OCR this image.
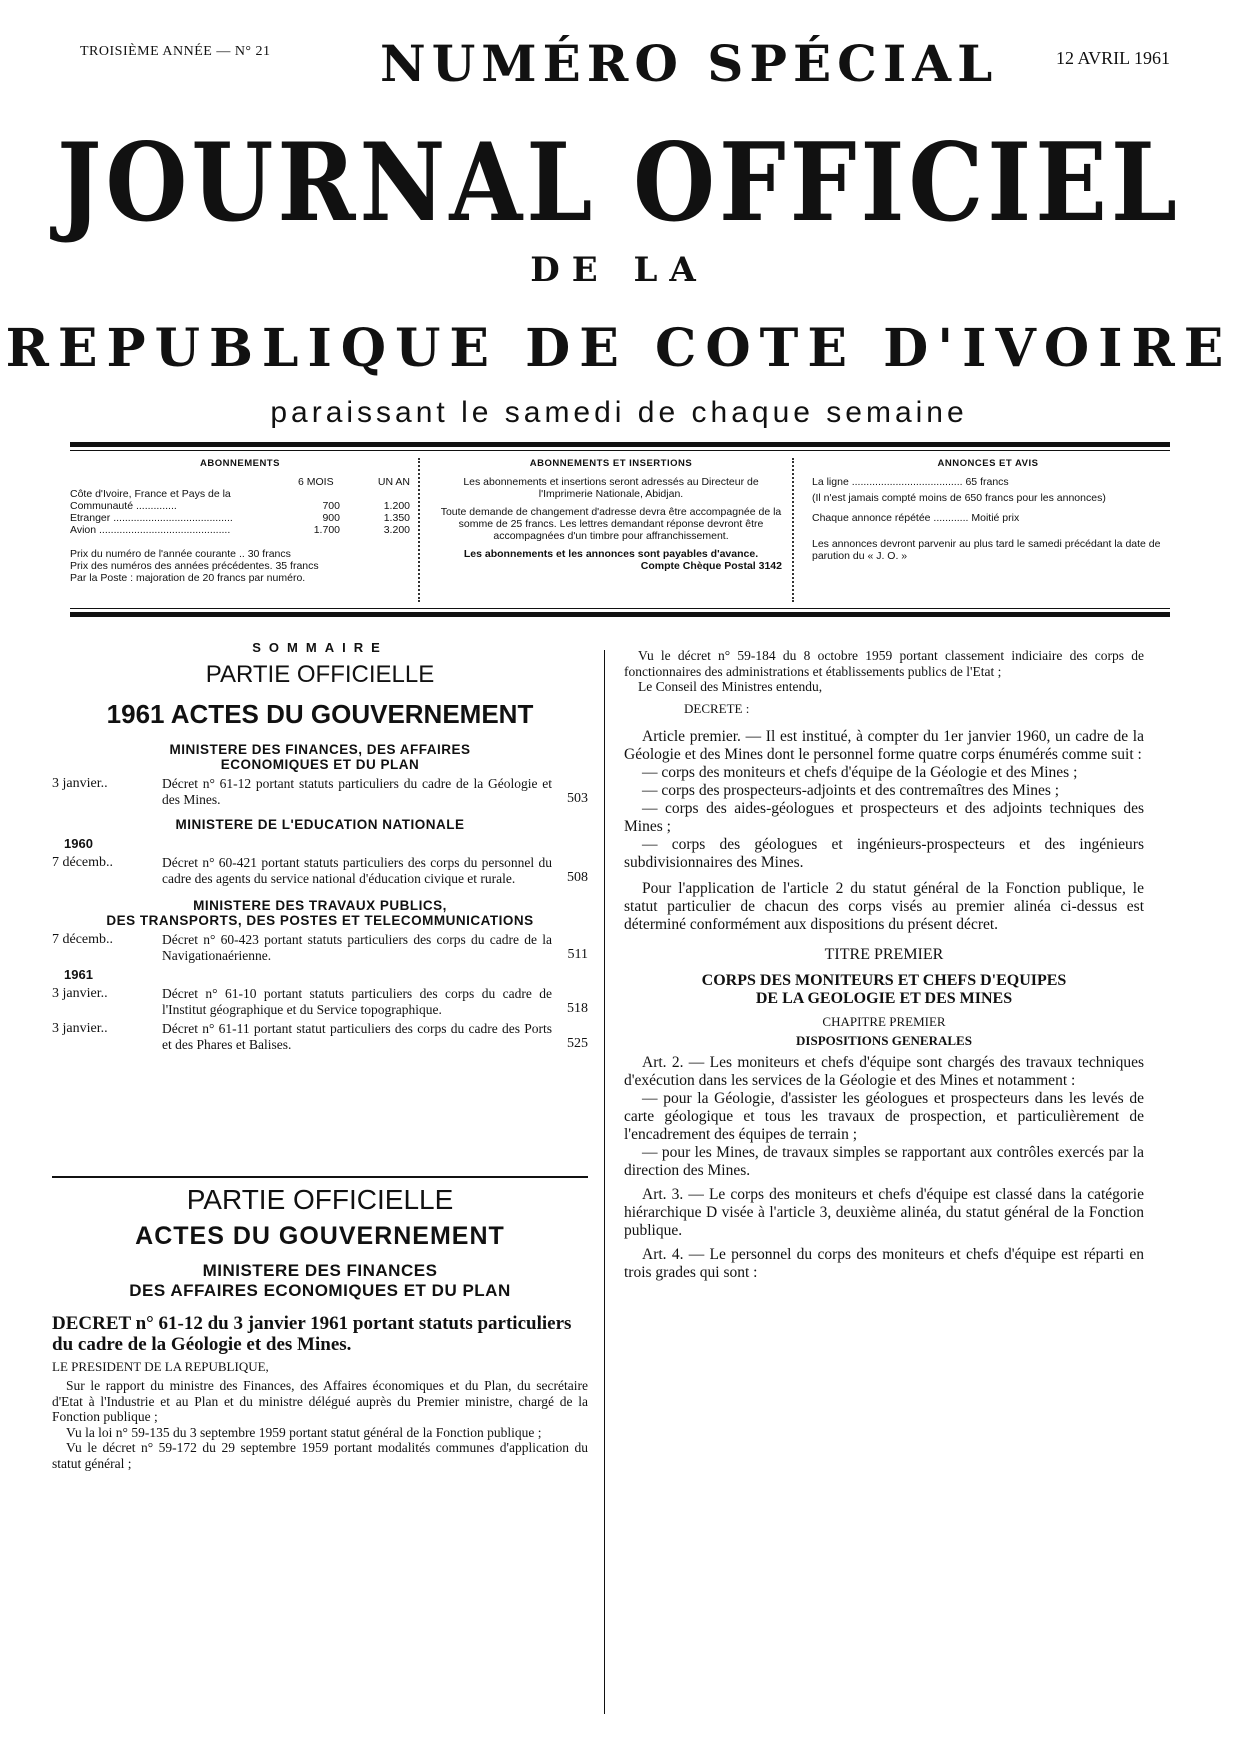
TROISIÈME ANNÉE — N° 21 NUMÉRO SPÉCIAL	12 AVRIL 1961
JOURNAL OFFICIEL
DE LA
REPUBLIQUE DE COTE D'IVOIRE
paraissant le samedi de chaque semaine
ABONNEMENTS
6 MOIS	UN AN
Côte d'Ivoire, France et Pays de la Communauté ..............	700	1.200
Etranger .........................................	900	1.350
Avion .............................................	1.700	3.200
Prix du numéro de l'année courante .. 30 francs
Prix des numéros des années précédentes. 35 francs
Par la Poste : majoration de 20 francs par numéro.
ABONNEMENTS ET INSERTIONS
Les abonnements et insertions seront adressés au Directeur de l'Imprimerie Nationale, Abidjan.
Toute demande de changement d'adresse devra être accompagnée de la somme de 25 francs. Les lettres demandant réponse devront être accompagnées d'un timbre pour affranchissement.
Les abonnements et les annonces sont payables d'avance.
Compte Chèque Postal 3142
ANNONCES ET AVIS
La ligne ...................................... 65 francs
(Il n'est jamais compté moins de 650 francs pour les annonces)
Chaque annonce répétée ............ Moitié prix
Les annonces devront parvenir au plus tard le samedi précédant la date de parution du « J. O. »
SOMMAIRE
PARTIE OFFICIELLE
1961 ACTES DU GOUVERNEMENT
MINISTERE DES FINANCES, DES AFFAIRES ECONOMIQUES ET DU PLAN
3 janvier..	Décret n° 61-12 portant statuts particuliers du cadre de la Géologie et des Mines.	503
MINISTERE DE L'EDUCATION NATIONALE
1960
7 décemb..	Décret n° 60-421 portant statuts particuliers des corps du personnel du cadre des agents du service national d'éducation civique et rurale.	508
MINISTERE DES TRAVAUX PUBLICS,
DES TRANSPORTS, DES POSTES ET TELECOMMUNICATIONS
7 décemb..	Décret n° 60-423 portant statuts particuliers des corps du cadre de la Navigationaérienne.	511
1961
3 janvier..	Décret n° 61-10 portant statuts particuliers des corps du cadre de l'Institut géographique et du Service topographique.	518
3 janvier..	Décret n° 61-11 portant statut particuliers des corps du cadre des Ports et des Phares et Balises.	525
PARTIE OFFICIELLE
ACTES DU GOUVERNEMENT
MINISTERE DES FINANCES
DES AFFAIRES ECONOMIQUES ET DU PLAN
DECRET n° 61-12 du 3 janvier 1961 portant statuts particuliers du cadre de la Géologie et des Mines.
LE PRESIDENT DE LA REPUBLIQUE,
Sur le rapport du ministre des Finances, des Affaires économiques et du Plan, du secrétaire d'Etat à l'Industrie et au Plan et du ministre délégué auprès du Premier ministre, chargé de la Fonction publique ;
Vu la loi n° 59-135 du 3 septembre 1959 portant statut général de la Fonction publique ;
Vu le décret n° 59-172 du 29 septembre 1959 portant modalités communes d'application du statut général ;
Vu le décret n° 59-184 du 8 octobre 1959 portant classement indiciaire des corps de fonctionnaires des administrations et établissements publics de l'Etat ;
Le Conseil des Ministres entendu,
DECRETE :
Article premier. — Il est institué, à compter du 1er janvier 1960, un cadre de la Géologie et des Mines dont le personnel forme quatre corps énumérés comme suit :
— corps des moniteurs et chefs d'équipe de la Géologie et des Mines ;
— corps des prospecteurs-adjoints et des contremaîtres des Mines ;
— corps des aides-géologues et prospecteurs et des adjoints techniques des Mines ;
— corps des géologues et ingénieurs-prospecteurs et des ingénieurs subdivisionnaires des Mines.
Pour l'application de l'article 2 du statut général de la Fonction publique, le statut particulier de chacun des corps visés au premier alinéa ci-dessus est déterminé conformément aux dispositions du présent décret.
TITRE PREMIER
CORPS DES MONITEURS ET CHEFS D'EQUIPES
DE LA GEOLOGIE ET DES MINES
CHAPITRE PREMIER
DISPOSITIONS GENERALES
Art. 2. — Les moniteurs et chefs d'équipe sont chargés des travaux techniques d'exécution dans les services de la Géologie et des Mines et notamment :
— pour la Géologie, d'assister les géologues et prospecteurs dans les levés de carte géologique et tous les travaux de prospection, et particulièrement de l'encadrement des équipes de terrain ;
— pour les Mines, de travaux simples se rapportant aux contrôles exercés par la direction des Mines.
Art. 3. — Le corps des moniteurs et chefs d'équipe est classé dans la catégorie hiérarchique D visée à l'article 3, deuxième alinéa, du statut général de la Fonction publique.
Art. 4. — Le personnel du corps des moniteurs et chefs d'équipe est réparti en trois grades qui sont :
